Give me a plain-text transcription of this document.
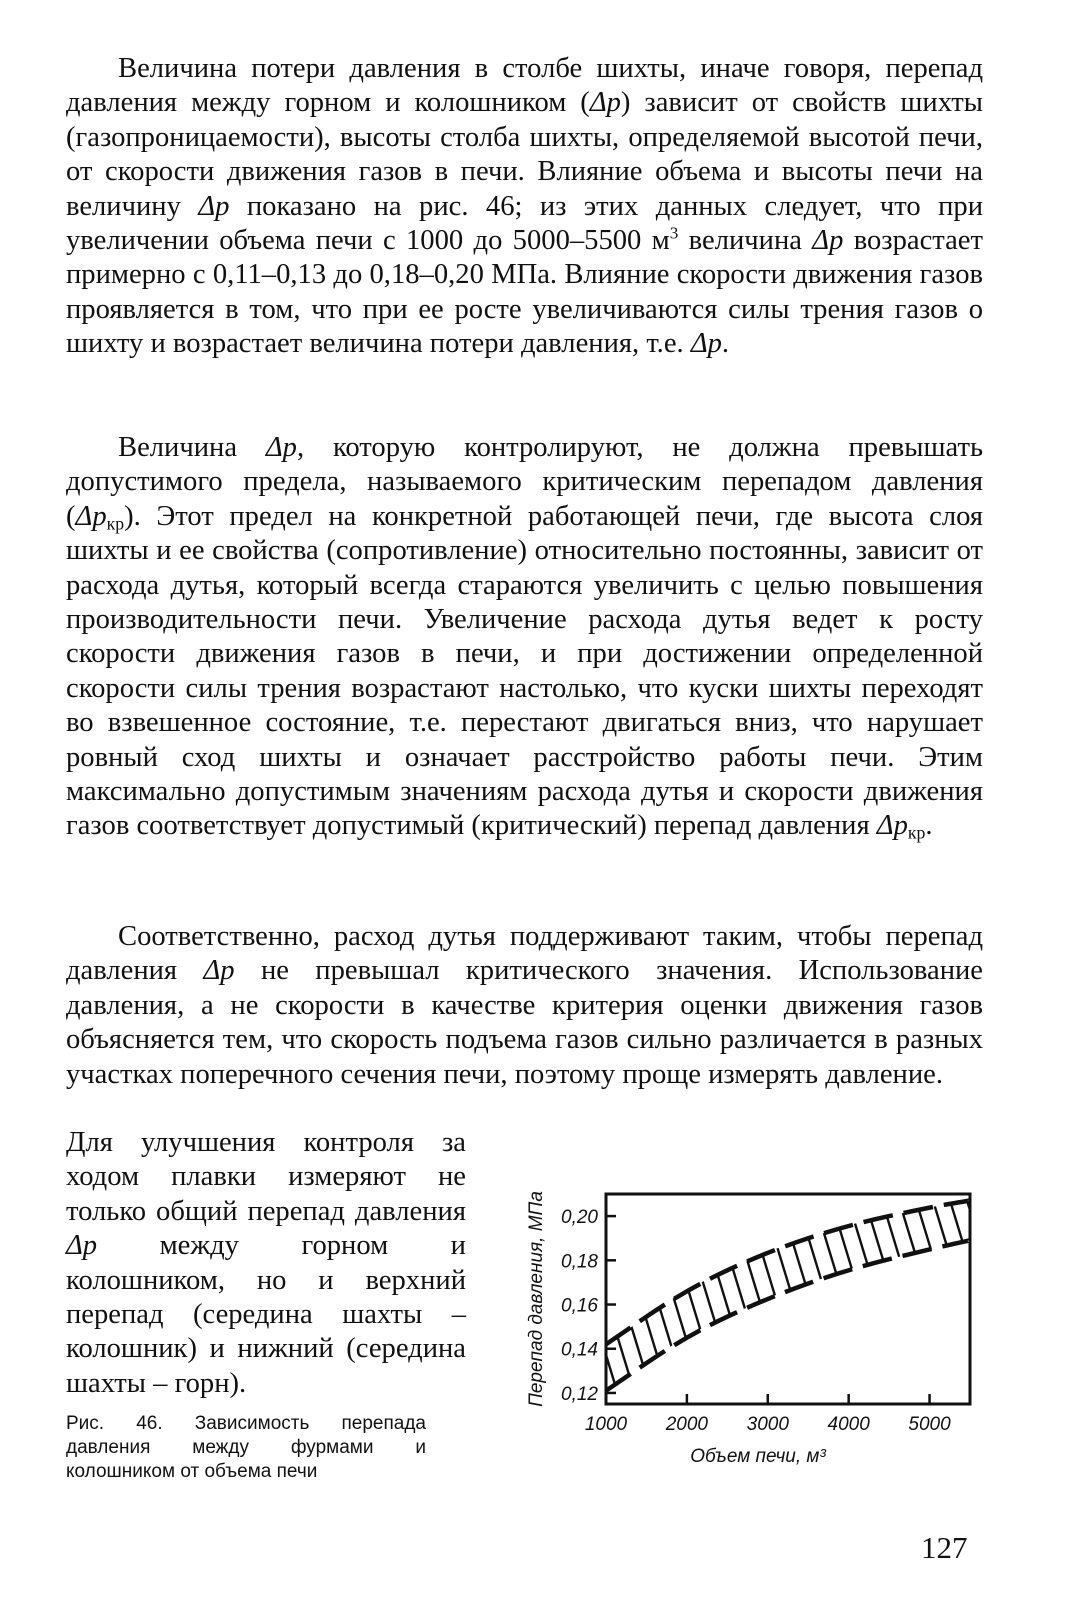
Величина потери давления в столбе шихты, иначе говоря, перепад давления между горном и колошником (Δp) зависит от свойств шихты (газопроницаемости), высоты столба шихты, определяемой высотой печи, от скорости движения газов в печи. Влияние объема и высоты печи на величину Δp показано на рис. 46; из этих данных следует, что при увеличении объема печи с 1000 до 5000–5500 $м^3$ величина Δp возрастает примерно с 0,11–0,13 до 0,18–0,20 МПа. Влияние скорости движения газов проявляется в том, что при ее росте увеличиваются силы трения газов о шихту и возрастает величина потери давления, т.е. Δp.

Величина Δp, которую контролируют, не должна превышать допустимого предела, называемого критическим перепадом давления $(\Delta p_{кр})$. Этот предел на конкретной работающей печи, где высота слоя шихты и ее свойства (сопротивление) относительно постоянны, зависит от расхода дутья, который всегда стараются увеличить с целью повышения производительности печи. Увеличение расхода дутья ведет к росту скорости движения газов в печи, и при достижении определенной скорости силы трения возрастают настолько, что куски шихты переходят во взвешенное состояние, т.е. перестают двигаться вниз, что нарушает ровный сход шихты и означает расстройство работы печи. Этим максимально допустимым значениям расхода дутья и скорости движения газов соответствует допустимый (критический) перепад давления $\Delta p_{кр}$.

Соответственно, расход дутья поддерживают таким, чтобы перепад давления Δp не превышал критического значения. Использование давления, а не скорости в качестве критерия оценки движения газов объясняется тем, что скорость подъема газов сильно различается в разных участках поперечного сечения печи, поэтому проще измерять давление.

Для улучшения контроля за ходом плавки измеряют не только общий перепад давления Δp между горном и колошником, но и верхний перепад (середина шахты – колошник) и нижний (середина шахты – горн).

Рис. 46. Зависимость перепада давления между фурмами и колошником от объема печи

127
0,12
0,14
0,16
0,18
0,20
1000 2000 3000 4000 5000
Перепад давления, МПа
Объем печи, м³
